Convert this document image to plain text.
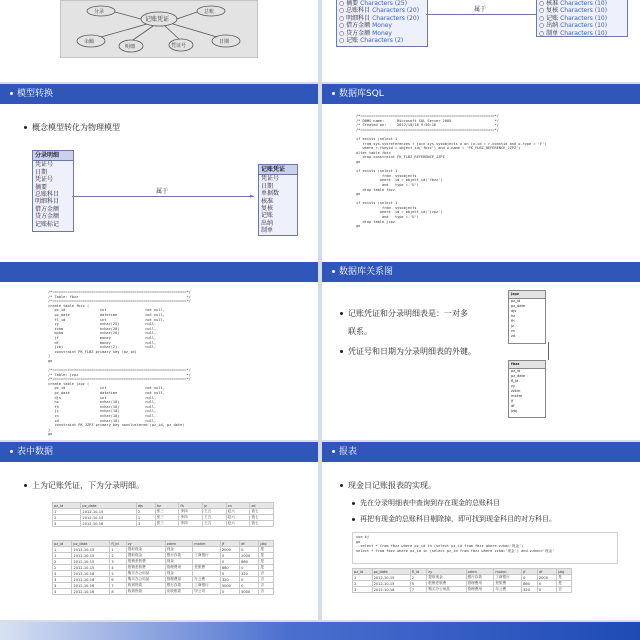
记账凭证
分录	总账
余额
明细	凭证号
日期
○ 摘要 Characters (25)
○ 总账科目 Characters (20)
○ 明细科目 Characters (20)
○ 借方金额 Money
○ 贷方金额 Money
○ 记账 Characters (2)
属于
○ 核准 Characters (10)
○ 复核 Characters (10)
○ 记账 Characters (10)
○ 出纳 Characters (10)
○ 制单 Characters (10)
模型转换
概念模型转化为物理模型
分录明细
凭证号
日期
凭证号
摘要
总账科目
明细科目
借方金额
贷方金额
记账标记
▸
属于
记账凭证
凭证号
日期
单据数
核准
复核
记账
出纳
制单
数据库SQL
/*==============================================================*/
/* DBMS name:      Microsoft SQL Server 2005                    */
/* Created on:     2012/10/16 9:50:16                           */
/*==============================================================*/

if exists (select 1
from sys.sysreferences r join sys.sysobjects o on (o.id = r.constid and o.type = 'F')
where r.fkeyid = object_id('fbzz') and o.name = 'FK_FLBZ_REFERENCE_JZPZ')
alter table fbzz
drop constraint FK_FLBZ_REFERENCE_JZPZ
go

if exists (select 1
from  sysobjects
where  id = object_id('fbzz')
and   type = 'U')
drop table fbzz
go

if exists (select 1
from  sysobjects
where  id = object_id('jzpz')
and   type = 'U')
drop table jzpz
go
/*==============================================================*/
/* Table: fbzz                                                  */
/*==============================================================*/
create table fbzz (
pz_id                int                  not null,
pz_date              datetime             not null,
fl_id                int                  not null,
zy                   nchar(25)            null,
zzkm                 nchar(20)            null,
mxkm                 nchar(20)            null,
jf                   money                null,
df                   money                null,
jzbj                 nchar(2)             null,
constraint PK_FLBZ primary key (pz_id)
)
go

/*==============================================================*/
/* Table: jzpz                                                  */
/*==============================================================*/
create table jzpz (
pz_id                int                  not null,
pz_date              datetime             not null,
djs                  int                  null,
hz                   nchar(10)            null,
fh                   nchar(10)            null,
jz                   nchar(10)            null,
cn                   nchar(10)            null,
zd                   nchar(10)            null,
constraint PK_JZPZ primary key nonclustered (pz_id, pz_date)
)
go

数据库关系图
记账凭证和分录明细表是：一对多
联系。
凭证号和日期为分录明细表的外键。
jzpz
pz_id
pz_date
djs
hz
fh
jz
cn
zd
fbzz
pz_id
pz_date
fl_id
zy
zzkm
mxkm
jf
df
jzbj
表中数据
上为记账凭证，下为分录明细。
pz_id	pz_date	djs	hz	fh	jz	cn	zd
1	2012-10-15	2	张三	李四	王五	赵六	钱七
2	2012-10-15	1	张三	李四	王五	赵六	钱七
3	2012-10-16	3	张三	李四	王五	赵六	钱七
pz_id	pz_date	fl_id	zy	zzkm	mxkm	jf	df	jzbj
1	2012-10-15	1	提取现金	现金		2000	0	是
1	2012-10-15	2	提取现金	银行存款	工商银行	0	2000	是
2	2012-10-15	3	报销差旅费	现金		0	860	是
2	2012-10-15	4	报销差旅费	管理费用	差旅费	860	0	是
3	2012-10-16	5	购买办公用品	现金		0	320	否
3	2012-10-16	6	购买办公用品	管理费用	办公费	320	0	否
3	2012-10-16	7	收到货款	银行存款	工商银行	5000	0	否
3	2012-10-16	8	收到货款	应收账款	甲公司	0	5000	否
报表
现金日记账报表的实现。
先在分录明细表中查询到存在现金的总账科目
再把有现金的总账科目剔除掉，即可找到现金科目的对方科目。
use kj
go
--select * from fbzz where pz_id in (select pz_id from fbzz where zzkm='现金')
select * from fbzz where pz_id in (select pz_id from fbzz where zzkm='现金') and zzkm<>'现金'
pz_id	pz_date	fl_id	zy	zzkm	mxkm	jf	df	jzbj
1	2012-10-15	2	提取现金	银行存款	工商银行	0	2000	是
2	2012-10-15	5	报销差旅费	管理费用	差旅费	860	0	是
3	2012-10-16	7	购买办公用品	管理费用	办公费	320	0	否
